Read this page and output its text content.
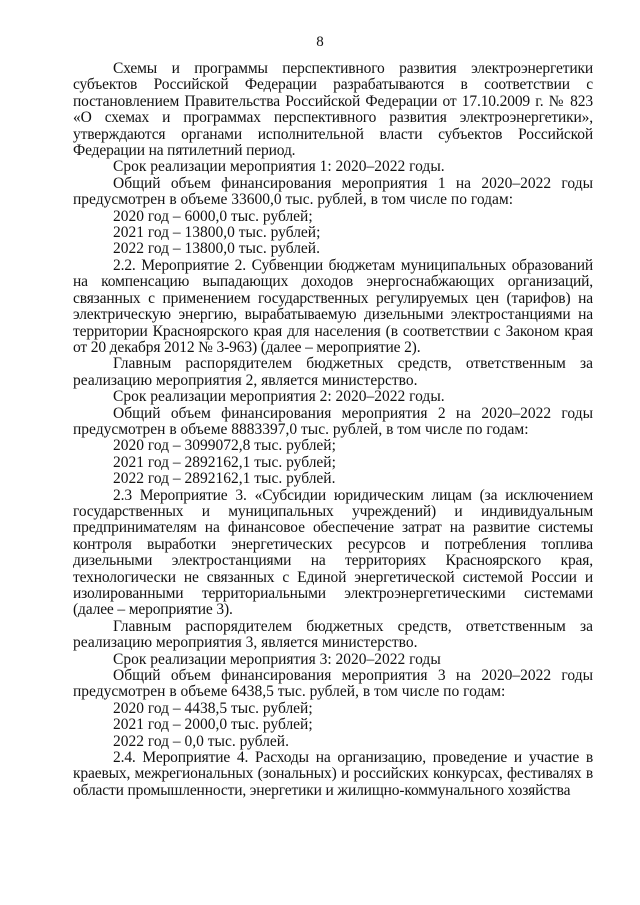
8

Схемы и программы перспективного развития электроэнергетики субъектов Российской Федерации разрабатываются в соответствии с постановлением Правительства Российской Федерации от 17.10.2009 г. № 823 «О схемах и программах перспективного развития электроэнергетики», утверждаются органами исполнительной власти субъектов Российской Федерации на пятилетний период.

Срок реализации мероприятия 1: 2020–2022 годы.

Общий объем финансирования мероприятия 1 на 2020–2022 годы предусмотрен в объеме 33600,0 тыс. рублей, в том числе по годам:

2020 год – 6000,0 тыс. рублей;

2021 год – 13800,0 тыс. рублей;

2022 год – 13800,0 тыс. рублей.

2.2. Мероприятие 2. Субвенции бюджетам муниципальных образований на компенсацию выпадающих доходов энергоснабжающих организаций, связанных с применением государственных регулируемых цен (тарифов) на электрическую энергию, вырабатываемую дизельными электростанциями на территории Красноярского края для населения (в соответствии с Законом края от 20 декабря 2012 № 3-963) (далее – мероприятие 2).

Главным распорядителем бюджетных средств, ответственным за реализацию мероприятия 2, является министерство.

Срок реализации мероприятия 2: 2020–2022 годы.

Общий объем финансирования мероприятия 2 на 2020–2022 годы предусмотрен в объеме 8883397,0 тыс. рублей, в том числе по годам:

2020 год – 3099072,8 тыс. рублей;

2021 год – 2892162,1 тыс. рублей;

2022 год – 2892162,1 тыс. рублей.

2.3 Мероприятие 3. «Субсидии юридическим лицам (за исключением государственных и муниципальных учреждений) и индивидуальным предпринимателям на финансовое обеспечение затрат на развитие системы контроля выработки энергетических ресурсов и потребления топлива дизельными электростанциями на территориях Красноярского края, технологически не связанных с Единой энергетической системой России и изолированными территориальными электроэнергетическими системами (далее – мероприятие 3).

Главным распорядителем бюджетных средств, ответственным за реализацию мероприятия 3, является министерство.

Срок реализации мероприятия 3: 2020–2022 годы

Общий объем финансирования мероприятия 3 на 2020–2022 годы предусмотрен в объеме 6438,5 тыс. рублей, в том числе по годам:

2020 год – 4438,5 тыс. рублей;

2021 год – 2000,0 тыс. рублей;

2022 год – 0,0 тыс. рублей.

2.4. Мероприятие 4. Расходы на организацию, проведение и участие в краевых, межрегиональных (зональных) и российских конкурсах, фестивалях в области промышленности, энергетики и жилищно-коммунального хозяйства
